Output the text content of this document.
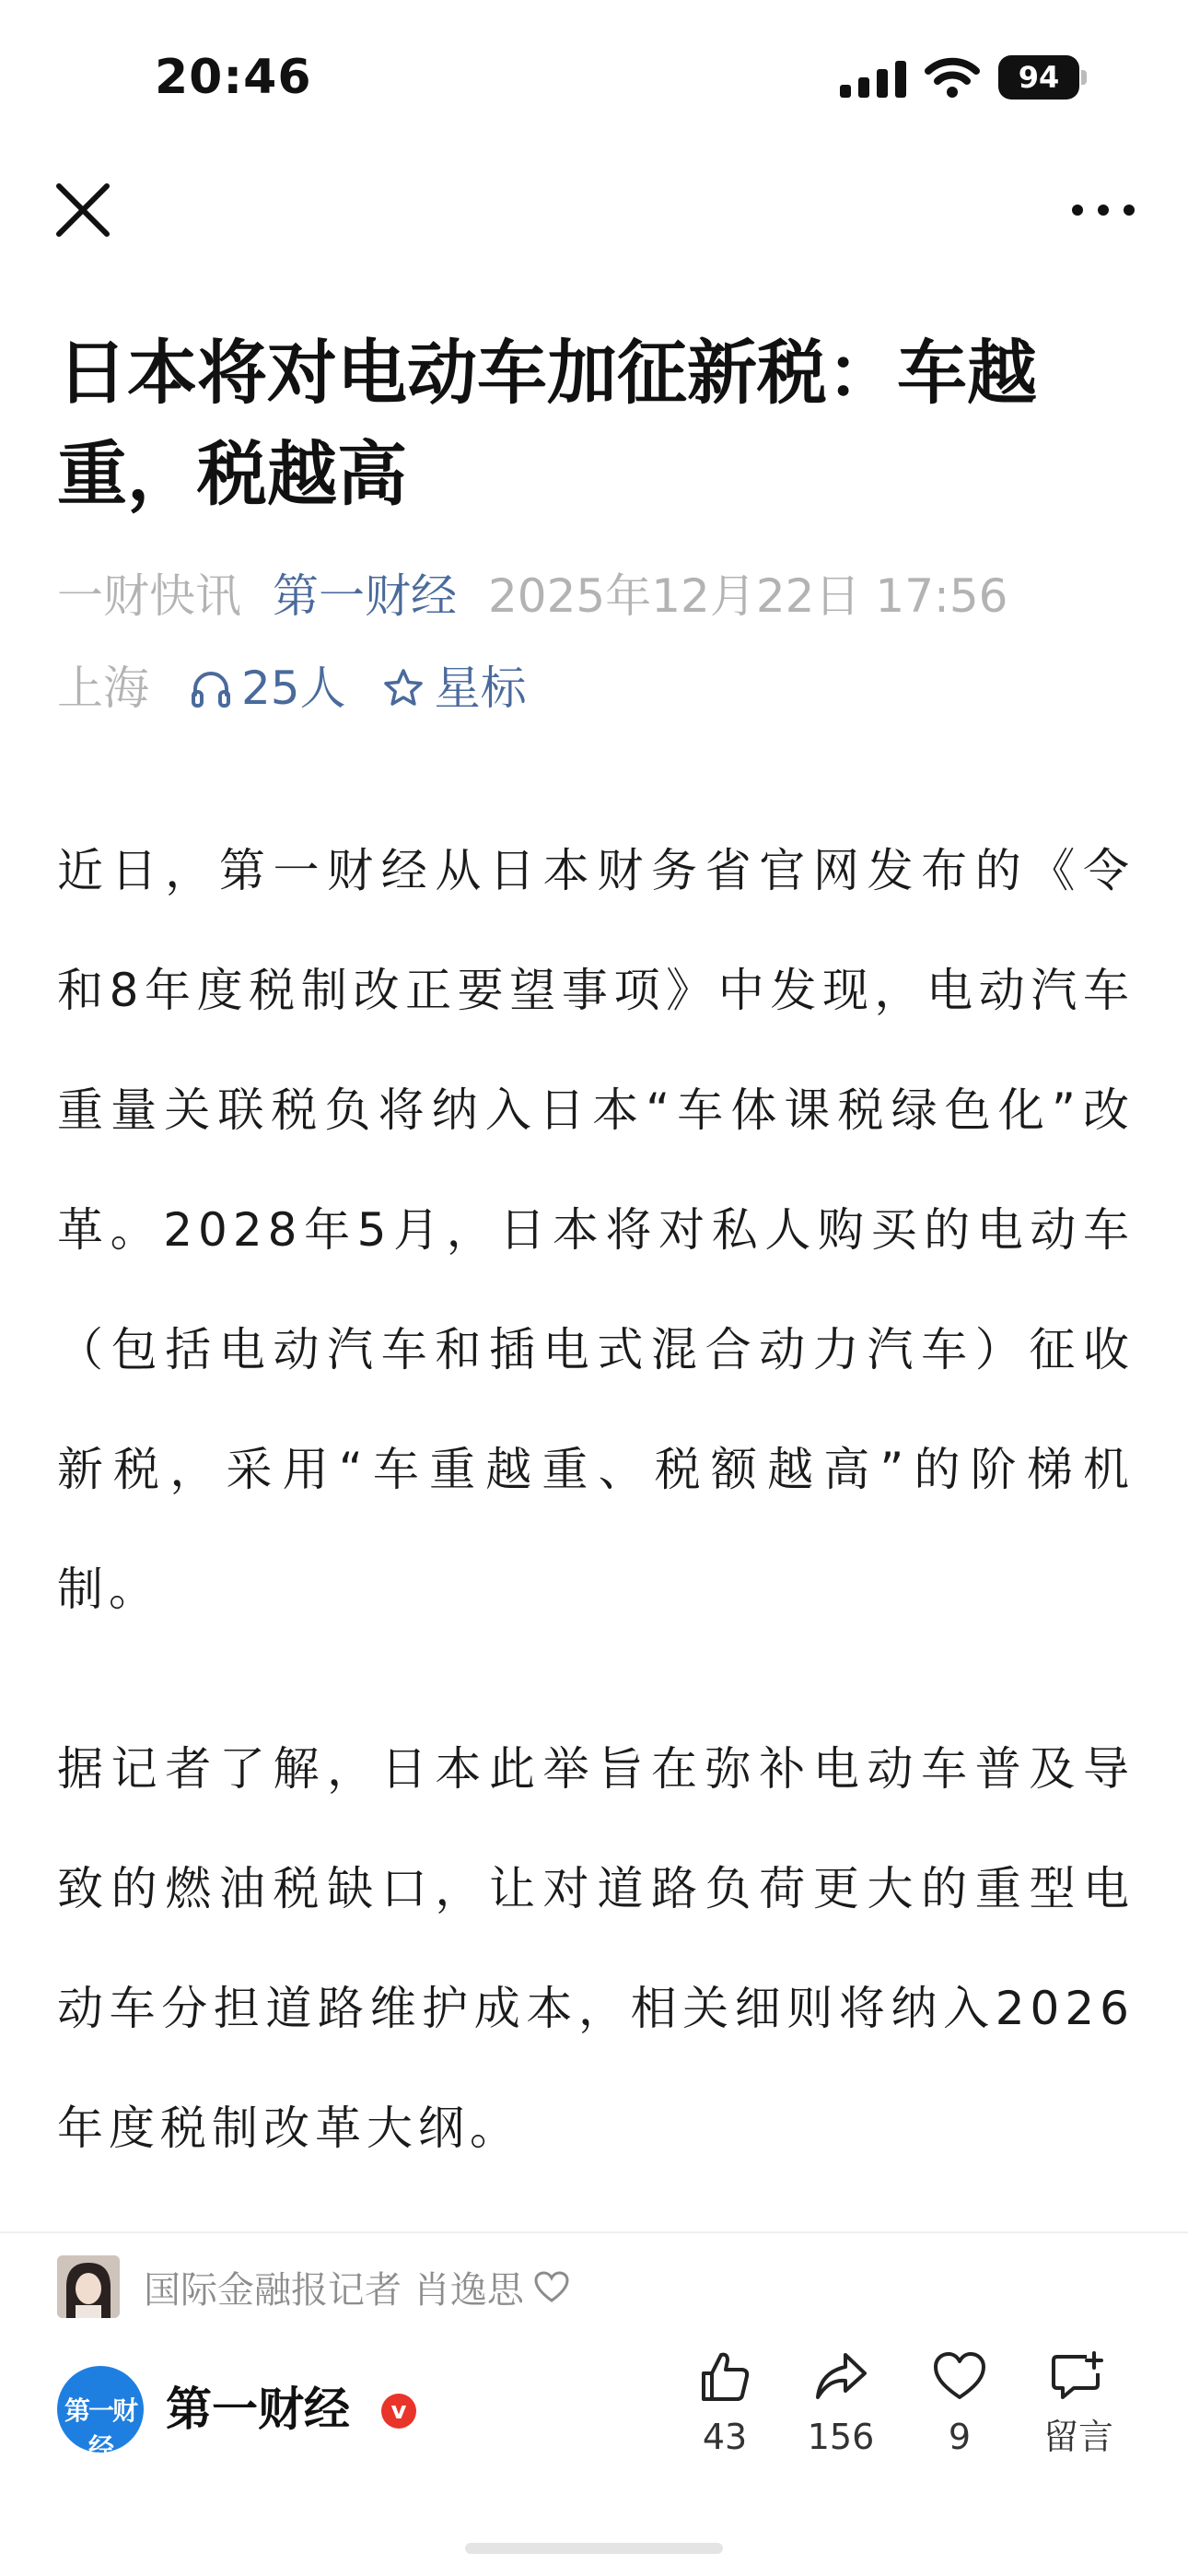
20:46	94
日本将对电动车加征新税：车越重，税越高
一财快讯 第一财经 2025年12月22日 17:56
上海 25人 星标

近日，第一财经从日本财务省官网发布的《令和8年度税制改正要望事项》中发现，电动汽车重量关联税负将纳入日本“车体课税绿色化”改革。2028年5月，日本将对私人购买的电动车（包括电动汽车和插电式混合动力汽车）征收新税，采用“车重越重、税额越高”的阶梯机制。

据记者了解，日本此举旨在弥补电动车普及导致的燃油税缺口，让对道路负荷更大的重型电动车分担道路维护成本，相关细则将纳入2026年度税制改革大纲。

国际金融报记者 肖逸思
第一财经
第一财经	v
43	156	9	留言
